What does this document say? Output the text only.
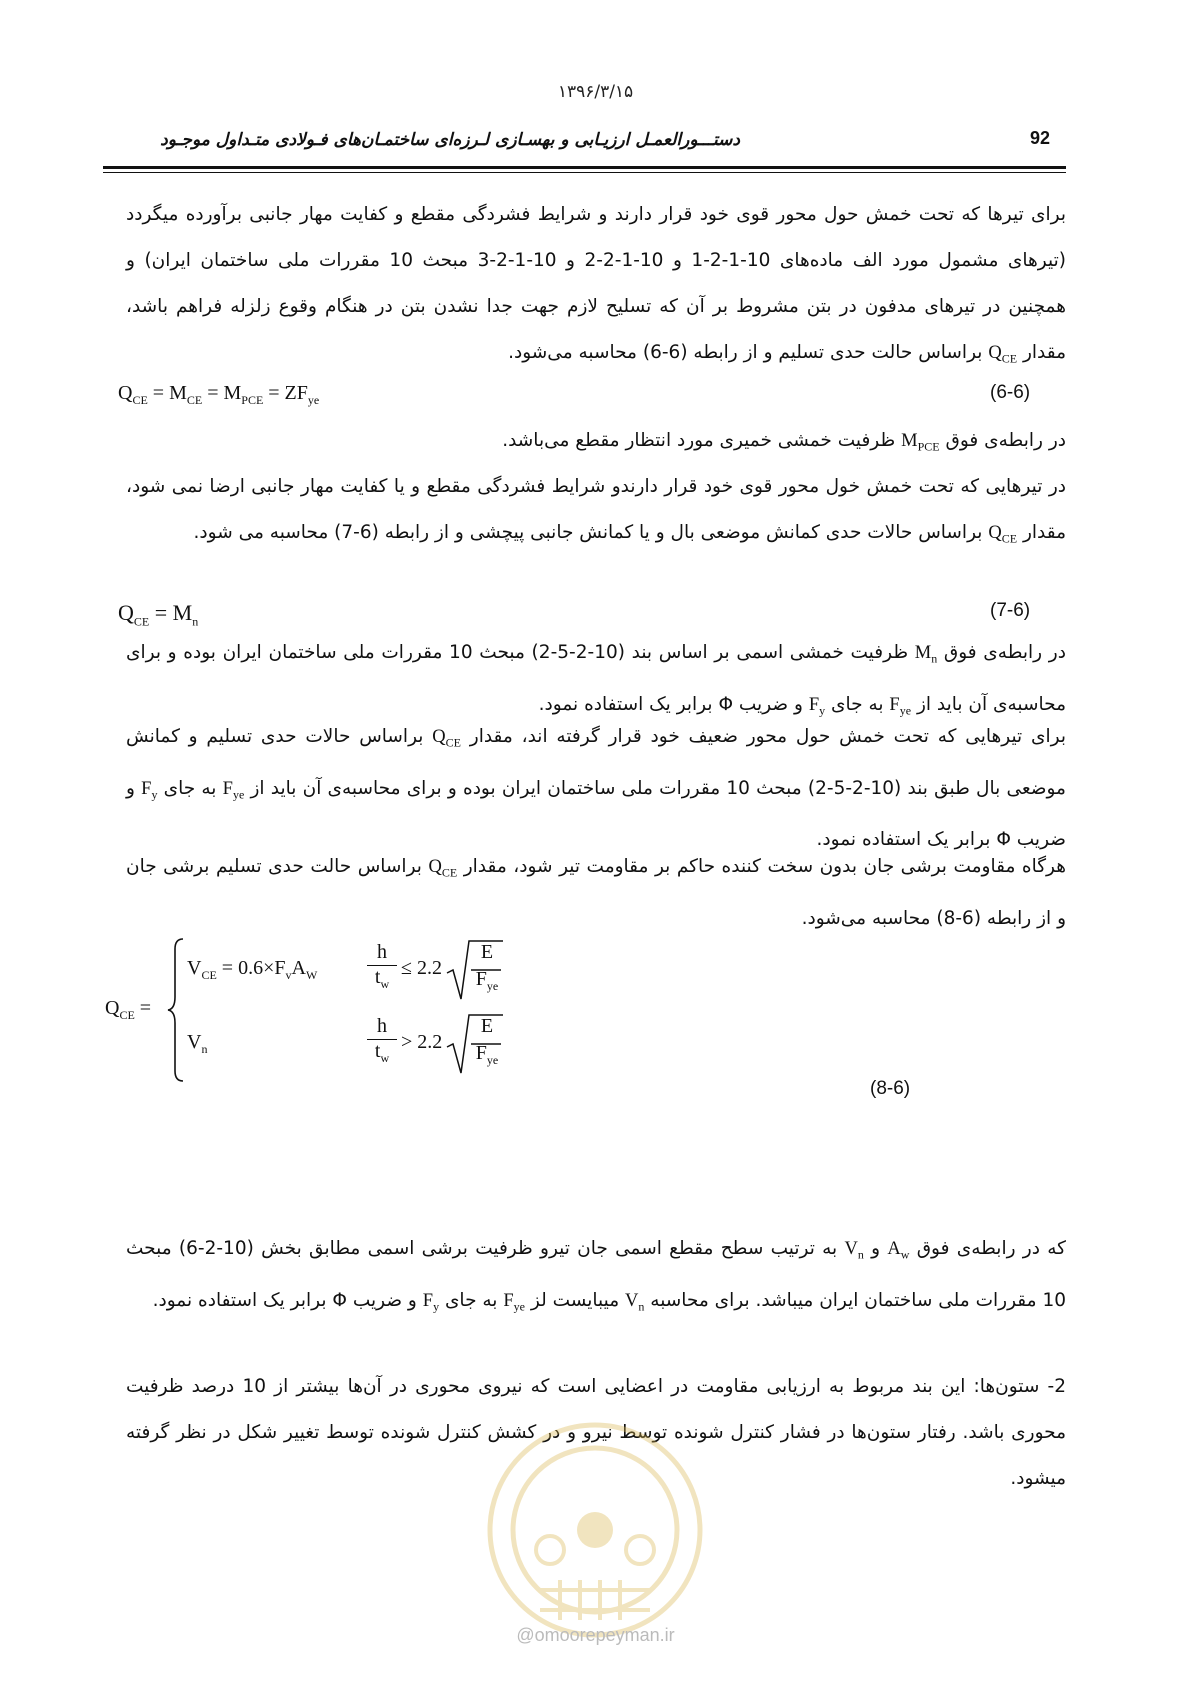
۱۳۹۶/۳/۱۵
دستـــورالعمـل ارزيـابی و بهسـازی لـرزه‌ای ساختمـان‌های فـولادی متـداول موجـود	92
برای تیرها که تحت خمش حول محور قوی خود قرار دارند و شرایط فشردگی مقطع و کفایت مهار جانبی برآورده میگردد (تیرهای مشمول مورد الف ماده‌های 10-1-2-1 و 10-1-2-2 و 10-1-2-3 مبحث 10 مقررات ملی ساختمان ایران) و همچنین در تیرهای مدفون در بتن مشروط بر آن که تسلیح لازم جهت جدا نشدن بتن در هنگام وقوع زلزله فراهم باشد، مقدار $Q_{CE}$ براساس حالت حدی تسلیم و از رابطه (6-6) محاسبه می‌شود.
$Q_{CE} = M_{CE} = M_{PCE} = ZF_{ye}$	(6-6)
در رابطه‌ی فوق $M_{PCE}$ ظرفیت خمشی خمیری مورد انتظار مقطع می‌باشد.
در تیرهایی که تحت خمش خول محور قوی خود قرار دارندو شرایط فشردگی مقطع و یا کفایت مهار جانبی ارضا نمی شود، مقدار $Q_{CE}$ براساس حالات حدی کمانش موضعی بال و یا کمانش جانبی پیچشی و از رابطه (6-7) محاسبه می شود.
$Q_{CE} = M_n$
(7-6)
در رابطه‌ی فوق $M_n$ ظرفیت خمشی اسمی بر اساس بند (10-2-5-2) مبحث 10 مقررات ملی ساختمان ایران بوده و برای محاسبه‌ی آن باید از $F_{ye}$ به جای $F_y$ و ضریب Φ برابر یک استفاده نمود.
برای تیرهایی که تحت خمش حول محور ضعیف خود قرار گرفته اند، مقدار $Q_{CE}$ براساس حالات حدی تسلیم و کمانش موضعی بال طبق بند (10-2-5-2) مبحث 10 مقررات ملی ساختمان ایران بوده و برای محاسبه‌ی آن باید از $F_{ye}$ به جای $F_y$ و ضریب Φ برابر یک استفاده نمود.
هرگاه مقاومت برشی جان بدون سخت کننده حاکم بر مقاومت تیر شود، مقدار $Q_{CE}$ براساس حالت حدی تسلیم برشی جان و از رابطه (6-8) محاسبه می‌شود.
$Q_{CE}$ =
$V_{CE} = 0.6\times F_vA_W$
h
$t_w$
≤ 2.2
E
$F_{ye}$
$V_n$
h
$t_w$
> 2.2
E
$F_{ye}$
(8-6)
که در رابطه‌ی فوق $A_w$ و $V_n$ به ترتیب سطح مقطع اسمی جان تیرو ظرفیت برشی اسمی مطابق بخش (10-2-6) مبحث 10 مقررات ملی ساختمان ایران میباشد. برای محاسبه $V_n$ میبایست لز $F_{ye}$ به جای $F_y$ و ضریب Φ برابر یک استفاده نمود.
2- ستون‌ها: این بند مربوط به ارزیابی مقاومت در اعضایی است که نیروی محوری در آن‌ها بیشتر از 10 درصد ظرفیت محوری باشد. رفتار ستون‌ها در فشار کنترل شونده توسط نیرو و در کشش کنترل شونده توسط تغییر شکل در نظر گرفته میشود.
@omoorepeyman.ir
